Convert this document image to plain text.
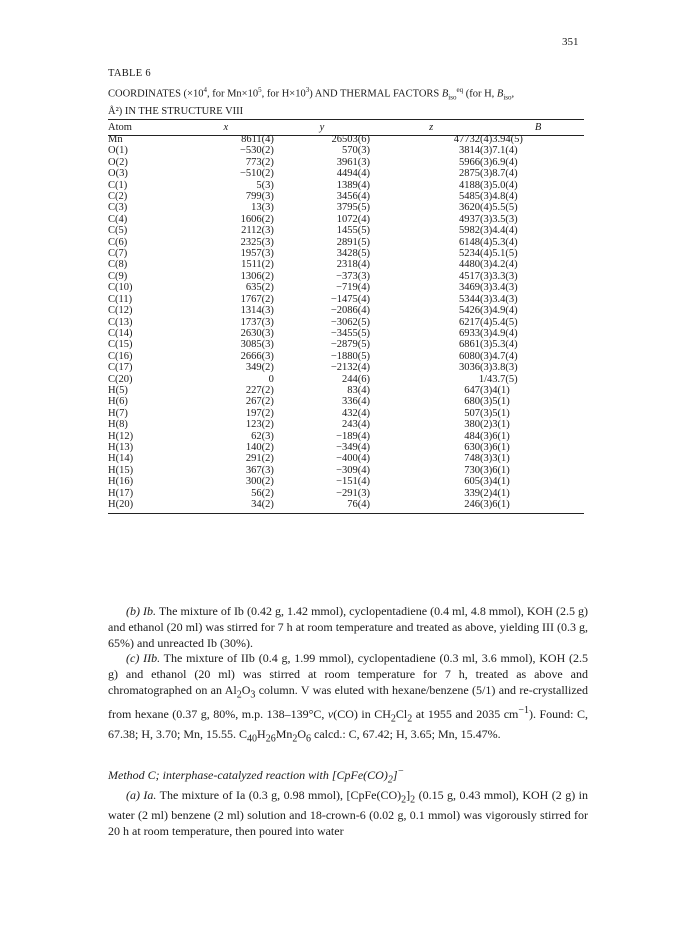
351
TABLE 6
COORDINATES ($\times 10^4$, for $Mn\times 10^5$, for $H\times 10^3$) AND THERMAL FACTORS $B_{iso}^{eq}$ (for H, $B_{iso}$,
Å²) IN THE STRUCTURE VIII
Atom	x	y	z	B
Mn	8611(4)	26503(6)	47732(4)	3.94(5)
O(1)	−530(2)	570(3)	3814(3)	7.1(4)
O(2)	773(2)	3961(3)	5966(3)	6.9(4)
O(3)	−510(2)	4494(4)	2875(3)	8.7(4)
C(1)	5(3)	1389(4)	4188(3)	5.0(4)
C(2)	799(3)	3456(4)	5485(3)	4.8(4)
C(3)	13(3)	3795(5)	3620(4)	5.5(5)
C(4)	1606(2)	1072(4)	4937(3)	3.5(3)
C(5)	2112(3)	1455(5)	5982(3)	4.4(4)
C(6)	2325(3)	2891(5)	6148(4)	5.3(4)
C(7)	1957(3)	3428(5)	5234(4)	5.1(5)
C(8)	1511(2)	2318(4)	4480(3)	4.2(4)
C(9)	1306(2)	−373(3)	4517(3)	3.3(3)
C(10)	635(2)	−719(4)	3469(3)	3.4(3)
C(11)	1767(2)	−1475(4)	5344(3)	3.4(3)
C(12)	1314(3)	−2086(4)	5426(3)	4.9(4)
C(13)	1737(3)	−3062(5)	6217(4)	5.4(5)
C(14)	2630(3)	−3455(5)	6933(3)	4.9(4)
C(15)	3085(3)	−2879(5)	6861(3)	5.3(4)
C(16)	2666(3)	−1880(5)	6080(3)	4.7(4)
C(17)	349(2)	−2132(4)	3036(3)	3.8(3)
C(20)	0	244(6)	1/4	3.7(5)
H(5)	227(2)	83(4)	647(3)	4(1)
H(6)	267(2)	336(4)	680(3)	5(1)
H(7)	197(2)	432(4)	507(3)	5(1)
H(8)	123(2)	243(4)	380(2)	3(1)
H(12)	62(3)	−189(4)	484(3)	6(1)
H(13)	140(2)	−349(4)	630(3)	6(1)
H(14)	291(2)	−400(4)	748(3)	3(1)
H(15)	367(3)	−309(4)	730(3)	6(1)
H(16)	300(2)	−151(4)	605(3)	4(1)
H(17)	56(2)	−291(3)	339(2)	4(1)
H(20)	34(2)	76(4)	246(3)	6(1)

(b) Ib. The mixture of Ib (0.42 g, 1.42 mmol), cyclopentadiene (0.4 ml, 4.8 mmol), KOH (2.5 g) and ethanol (20 ml) was stirred for 7 h at room temperature and treated as above, yielding III (0.3 g, 65%) and unreacted Ib (30%).

(c) IIb. The mixture of IIb (0.4 g, 1.99 mmol), cyclopentadiene (0.3 ml, 3.6 mmol), KOH (2.5 g) and ethanol (20 ml) was stirred at room temperature for 7 h, treated as above and chromatographed on an $Al_2O_3$ column. V was eluted with hexane/benzene (5/1) and re-crystallized from hexane (0.37 g, 80%, m.p. 138–139°C, ν(CO) in $CH_2Cl_2$ at 1955 and 2035 $cm^{-1}$). Found: C, 67.38; H, 3.70; Mn, 15.55. $C_{40}H_{26}Mn_2O_6$ calcd.: C, 67.42; H, 3.65; Mn, 15.47%.

Method C; interphase-catalyzed reaction with $[CpFe(CO)_2]^-$

(a) Ia. The mixture of Ia (0.3 g, 0.98 mmol), $[CpFe(CO)_2]_2$ (0.15 g, 0.43 mmol), KOH (2 g) in water (2 ml) benzene (2 ml) solution and 18-crown-6 (0.02 g, 0.1 mmol) was vigorously stirred for 20 h at room temperature, then poured into water
